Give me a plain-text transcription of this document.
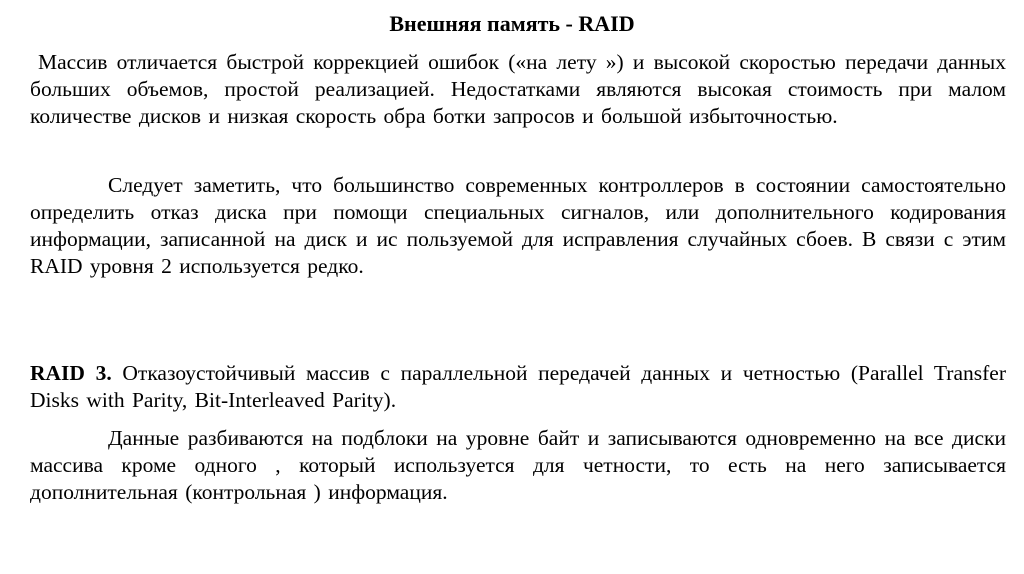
Внешняя память - RAID
Массив отличается быстрой коррекцией ошибок («на лету ») и высокой скоростью передачи данных больших объемов, простой реализацией. Недостатками являются высокая стоимость при малом количестве дисков и низкая скорость обра ботки запросов и большой избыточностью.
Следует заметить, что большинство современных контроллеров в состоянии самостоятельно определить отказ диска при помощи специальных сигналов, или дополнительного кодирования информации, записанной на диск и ис пользуемой для исправления случайных сбоев. В связи с этим RAID уровня 2 используется редко.
RAID 3. Отказоустойчивый массив с параллельной передачей данных и четностью (Parallel Transfer Disks with Parity, Bit-Interleaved Parity).
Данные разбиваются на подблоки на уровне байт и записываются одновременно на все диски массива кроме одного , который используется для четности, то есть на него записывается дополнительная (контрольная ) информация.
